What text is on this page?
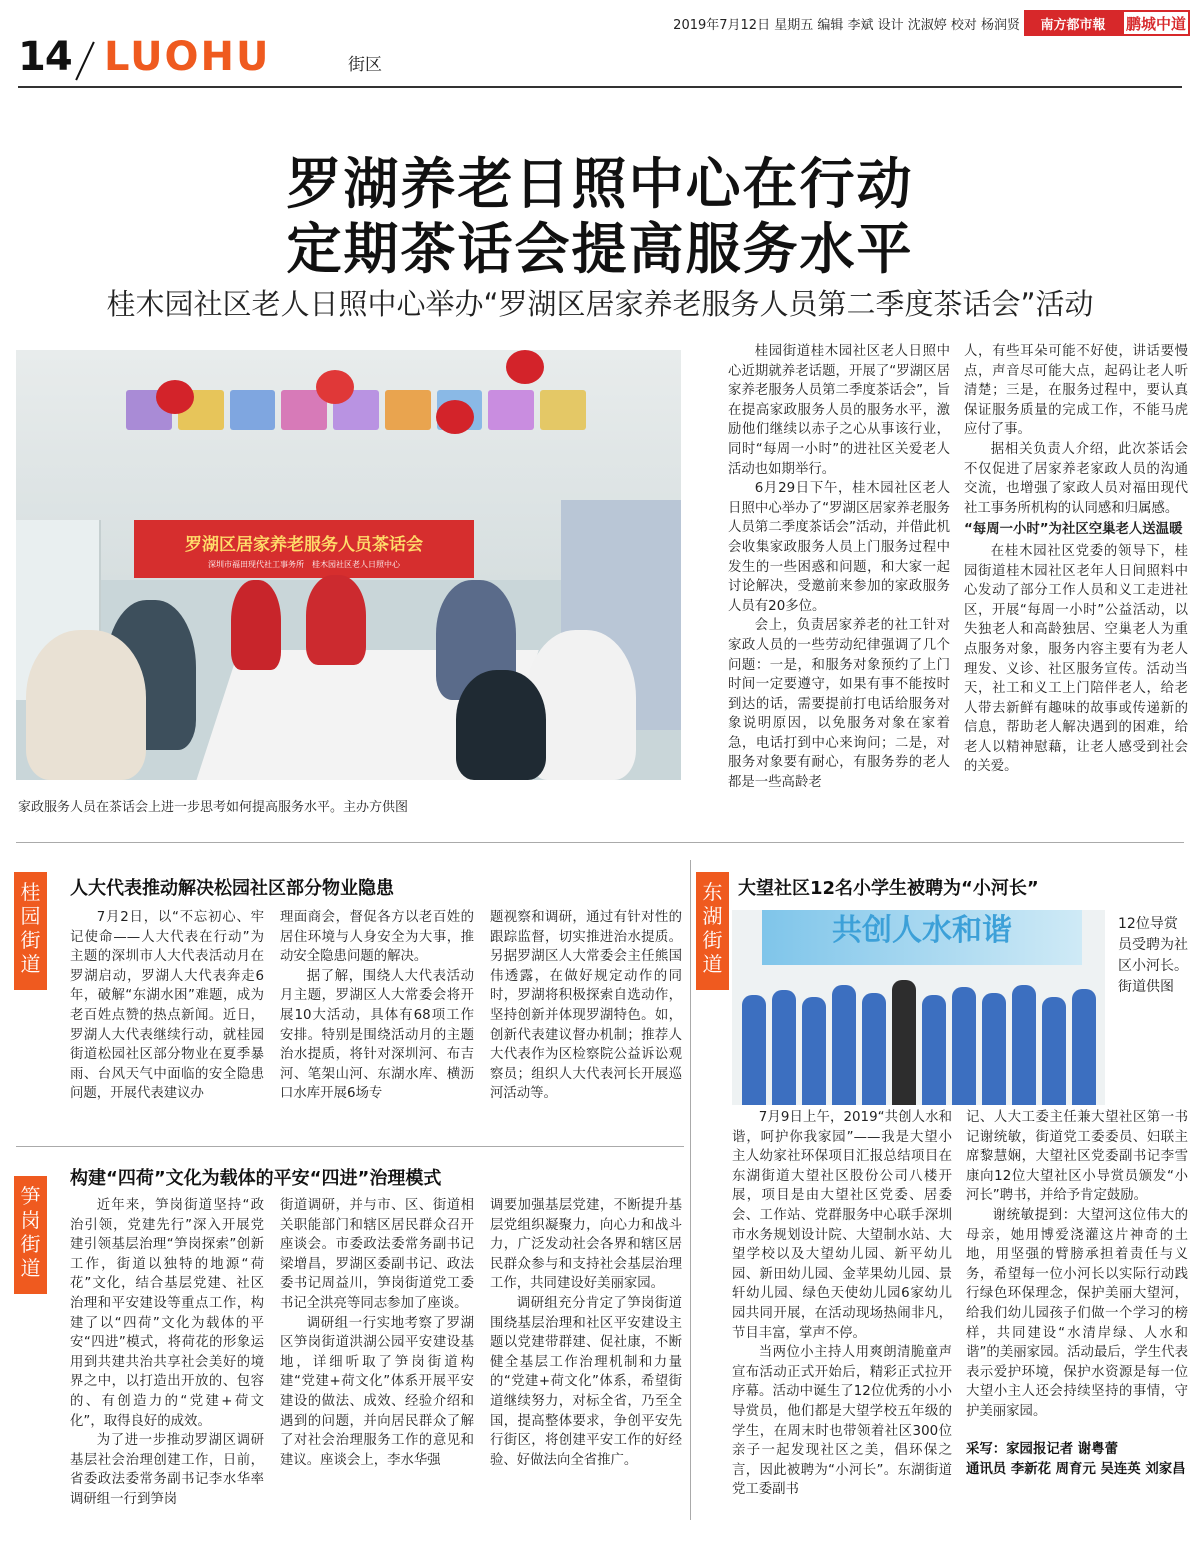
2019年7月12日 星期五 编辑 李斌 设计 沈淑婷 校对 杨润贤	南方都市報	鹏城中道
14 LUOHU	街区
罗湖养老日照中心在行动
定期茶话会提高服务水平
桂木园社区老人日照中心举办“罗湖区居家养老服务人员第二季度茶话会”活动
罗湖区居家养老服务人员茶话会
深圳市福田现代社工事务所　桂木园社区老人日照中心
家政服务人员在茶话会上进一步思考如何提高服务水平。主办方供图

桂园街道桂木园社区老人日照中心近期就养老话题，开展了“罗湖区居家养老服务人员第二季度茶话会”，旨在提高家政服务人员的服务水平，激励他们继续以赤子之心从事该行业，同时“每周一小时”的进社区关爱老人活动也如期举行。

6月29日下午，桂木园社区老人日照中心举办了“罗湖区居家养老服务人员第二季度茶话会”活动，并借此机会收集家政服务人员上门服务过程中发生的一些困惑和问题，和大家一起讨论解决，受邀前来参加的家政服务人员有20多位。

会上，负责居家养老的社工针对家政人员的一些劳动纪律强调了几个问题：一是，和服务对象预约了上门时间一定要遵守，如果有事不能按时到达的话，需要提前打电话给服务对象说明原因，以免服务对象在家着急，电话打到中心来询问；二是，对服务对象要有耐心，有服务券的老人都是一些高龄老

人，有些耳朵可能不好使，讲话要慢点，声音尽可能大点，起码让老人听清楚；三是，在服务过程中，要认真保证服务质量的完成工作，不能马虎应付了事。

据相关负责人介绍，此次茶话会不仅促进了居家养老家政人员的沟通交流，也增强了家政人员对福田现代社工事务所机构的认同感和归属感。

“每周一小时”为社区空巢老人送温暖

在桂木园社区党委的领导下，桂园街道桂木园社区老年人日间照料中心发动了部分工作人员和义工走进社区，开展“每周一小时”公益活动，以失独老人和高龄独居、空巢老人为重点服务对象，服务内容主要有为老人理发、义诊、社区服务宣传。活动当天，社工和义工上门陪伴老人，给老人带去新鲜有趣味的故事或传递新的信息，帮助老人解决遇到的困难，给老人以精神慰藉，让老人感受到社会的关爱。

桂园街道
人大代表推动解决松园社区部分物业隐患

7月2日，以“不忘初心、牢记使命——人大代表在行动”为主题的深圳市人大代表活动月在罗湖启动，罗湖人大代表奔走6年，破解“东湖水困”难题，成为老百姓点赞的热点新闻。近日，罗湖人大代表继续行动，就桂园街道松园社区部分物业在夏季暴雨、台风天气中面临的安全隐患问题，开展代表建议办

理面商会，督促各方以老百姓的居住环境与人身安全为大事，推动安全隐患问题的解决。

据了解，围绕人大代表活动月主题，罗湖区人大常委会将开展10大活动，具体有68项工作安排。特别是围绕活动月的主题治水提质，将针对深圳河、布吉河、笔架山河、东湖水库、横沥口水库开展6场专

题视察和调研，通过有针对性的跟踪监督，切实推进治水提质。另据罗湖区人大常委会主任熊国伟透露，在做好规定动作的同时，罗湖将积极探索自选动作，坚持创新并体现罗湖特色。如，创新代表建议督办机制；推荐人大代表作为区检察院公益诉讼观察员；组织人大代表河长开展巡河活动等。

笋岗街道
构建“四荷”文化为载体的平安“四进”治理模式

近年来，笋岗街道坚持“政治引领，党建先行”深入开展党建引领基层治理“笋岗探索”创新工作，街道以独特的地源“荷花”文化，结合基层党建、社区治理和平安建设等重点工作，构建了以“四荷”文化为载体的平安“四进”模式，将荷花的形象运用到共建共治共享社会美好的境界之中，以打造出开放的、包容的、有创造力的“党建+荷文化”，取得良好的成效。

为了进一步推动罗湖区调研基层社会治理创建工作，日前，省委政法委常务副书记李水华率调研组一行到笋岗

街道调研，并与市、区、街道相关职能部门和辖区居民群众召开座谈会。市委政法委常务副书记梁增昌，罗湖区委副书记、政法委书记周益川，笋岗街道党工委书记全洪亮等同志参加了座谈。

调研组一行实地考察了罗湖区笋岗街道洪湖公园平安建设基地，详细听取了笋岗街道构建“党建+荷文化”体系开展平安建设的做法、成效、经验介绍和遇到的问题，并向居民群众了解了对社会治理服务工作的意见和建议。座谈会上，李水华强

调要加强基层党建，不断提升基层党组织凝聚力，向心力和战斗力，广泛发动社会各界和辖区居民群众参与和支持社会基层治理工作，共同建设好美丽家园。

调研组充分肯定了笋岗街道围绕基层治理和社区平安建设主题以党建带群建、促社康，不断健全基层工作治理机制和力量的“党建+荷文化”体系，希望街道继续努力，对标全省，乃至全国，提高整体要求，争创平安先行街区，将创建平安工作的好经验、好做法向全省推广。

东湖街道
大望社区12名小学生被聘为“小河长”
共创人水和谐	12位导赏员受聘为社区小河长。街道供图

7月9日上午，2019“共创人水和谐，呵护你我家园”——我是大望小主人幼家社环保项目汇报总结项目在东湖街道大望社区股份公司八楼开展，项目是由大望社区党委、居委会、工作站、党群服务中心联手深圳市水务规划设计院、大望制水站、大望学校以及大望幼儿园、新平幼儿园、新田幼儿园、金苹果幼儿园、景轩幼儿园、绿色天使幼儿园6家幼儿园共同开展，在活动现场热闹非凡，节目丰富，掌声不停。

当两位小主持人用爽朗清脆童声宣布活动正式开始后，精彩正式拉开序幕。活动中诞生了12位优秀的小小导赏员，他们都是大望学校五年级的学生，在周末时也带领着社区300位亲子一起发现社区之美，倡环保之言，因此被聘为“小河长”。东湖街道党工委副书

记、人大工委主任兼大望社区第一书记谢统敏，街道党工委委员、妇联主席黎慧娴，大望社区党委副书记李雪康向12位大望社区小导赏员颁发“小河长”聘书，并给予肯定鼓励。

谢统敏提到：大望河这位伟大的母亲，她用博爱浇灌这片神奇的土地，用坚强的臂膀承担着责任与义务，希望每一位小河长以实际行动践行绿色环保理念，保护美丽大望河，给我们幼儿园孩子们做一个学习的榜样，共同建设“水清岸绿、人水和谐”的美丽家园。活动最后，学生代表表示爱护环境，保护水资源是每一位大望小主人还会持续坚持的事情，守护美丽家园。

采写：家园报记者 谢粤蕾
通讯员 李新花 周育元 吴连英 刘家昌
